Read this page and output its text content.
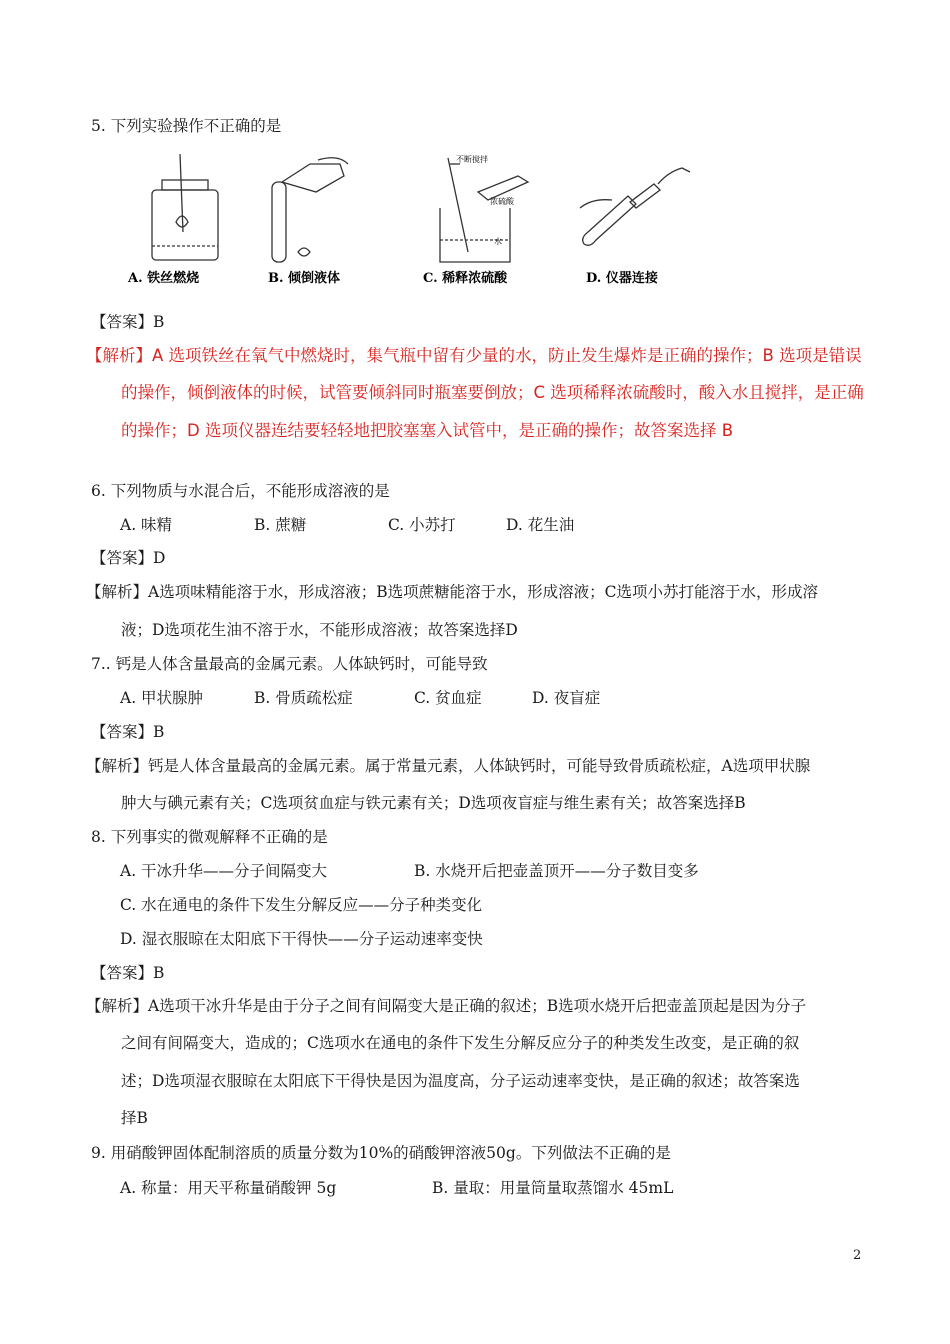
5. 下列实验操作不正确的是
不断搅拌
浓硫酸
水
A. 铁丝燃烧	B. 倾倒液体	C. 稀释浓硫酸	D. 仪器连接
【答案】B
【解析】A 选项铁丝在氧气中燃烧时，集气瓶中留有少量的水，防止发生爆炸是正确的操作；B 选项是错误
的操作，倾倒液体的时候，试管要倾斜同时瓶塞要倒放；C 选项稀释浓硫酸时，酸入水且搅拌，是正确
的操作；D 选项仪器连结要轻轻地把胶塞塞入试管中，是正确的操作；故答案选择 B
6. 下列物质与水混合后，不能形成溶液的是
A. 味精	B. 蔗糖	C. 小苏打	D. 花生油
【答案】D
【解析】A选项味精能溶于水，形成溶液；B选项蔗糖能溶于水，形成溶液；C选项小苏打能溶于水，形成溶
液；D选项花生油不溶于水，不能形成溶液；故答案选择D
7.. 钙是人体含量最高的金属元素。人体缺钙时，可能导致
A. 甲状腺肿	B. 骨质疏松症	C. 贫血症	D. 夜盲症
【答案】B
【解析】钙是人体含量最高的金属元素。属于常量元素，人体缺钙时，可能导致骨质疏松症，A选项甲状腺
肿大与碘元素有关；C选项贫血症与铁元素有关；D选项夜盲症与维生素有关；故答案选择B
8. 下列事实的微观解释不正确的是
A. 干冰升华——分子间隔变大	B. 水烧开后把壶盖顶开——分子数目变多
C. 水在通电的条件下发生分解反应——分子种类变化
D. 湿衣服晾在太阳底下干得快——分子运动速率变快
【答案】B
【解析】A选项干冰升华是由于分子之间有间隔变大是正确的叙述；B选项水烧开后把壶盖顶起是因为分子
之间有间隔变大，造成的；C选项水在通电的条件下发生分解反应分子的种类发生改变，是正确的叙
述；D选项湿衣服晾在太阳底下干得快是因为温度高，分子运动速率变快，是正确的叙述；故答案选
择B
9. 用硝酸钾固体配制溶质的质量分数为10%的硝酸钾溶液50g。下列做法不正确的是
A. 称量：用天平称量硝酸钾 5g	B. 量取：用量筒量取蒸馏水 45mL
2
